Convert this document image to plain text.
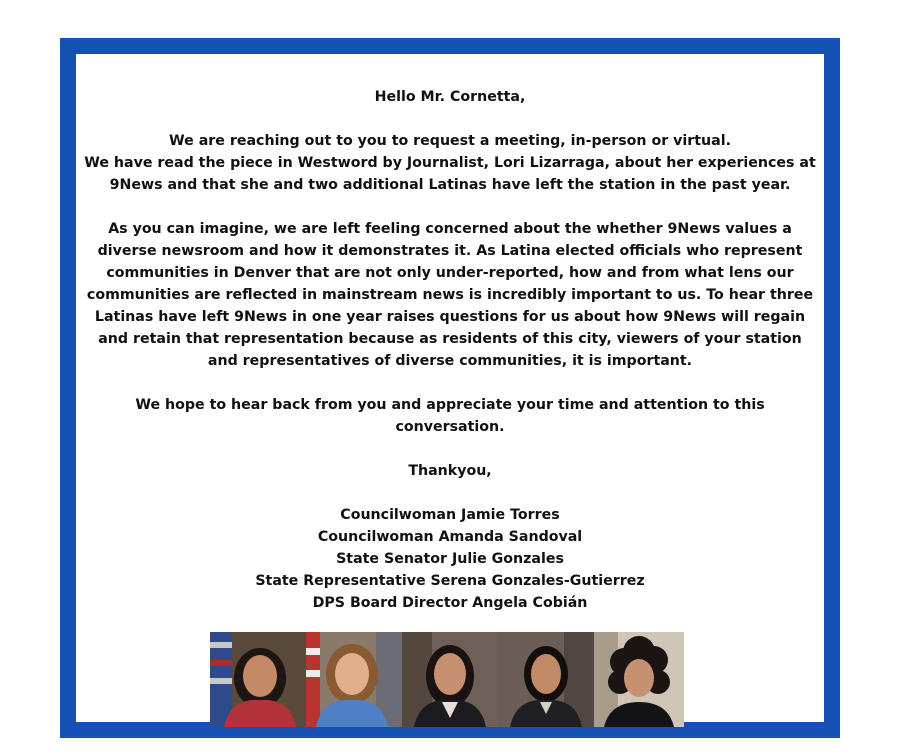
Hello Mr. Cornetta,

We are reaching out to you to request a meeting, in-person or virtual.

We have read the piece in Westword by Journalist, Lori Lizarraga, about her experiences at

9News and that she and two additional Latinas have left the station in the past year.

As you can imagine, we are left feeling concerned about the whether 9News values a

diverse newsroom and how it demonstrates it. As Latina elected officials who represent

communities in Denver that are not only under-reported, how and from what lens our

communities are reflected in mainstream news is incredibly important to us. To hear three

Latinas have left 9News in one year raises questions for us about how 9News will regain

and retain that representation because as residents of this city, viewers of your station

and representatives of diverse communities, it is important.

We hope to hear back from you and appreciate your time and attention to this

conversation.

Thankyou,

Councilwoman Jamie Torres

Councilwoman Amanda Sandoval

State Senator Julie Gonzales

State Representative Serena Gonzales-Gutierrez

DPS Board Director Angela Cobián
